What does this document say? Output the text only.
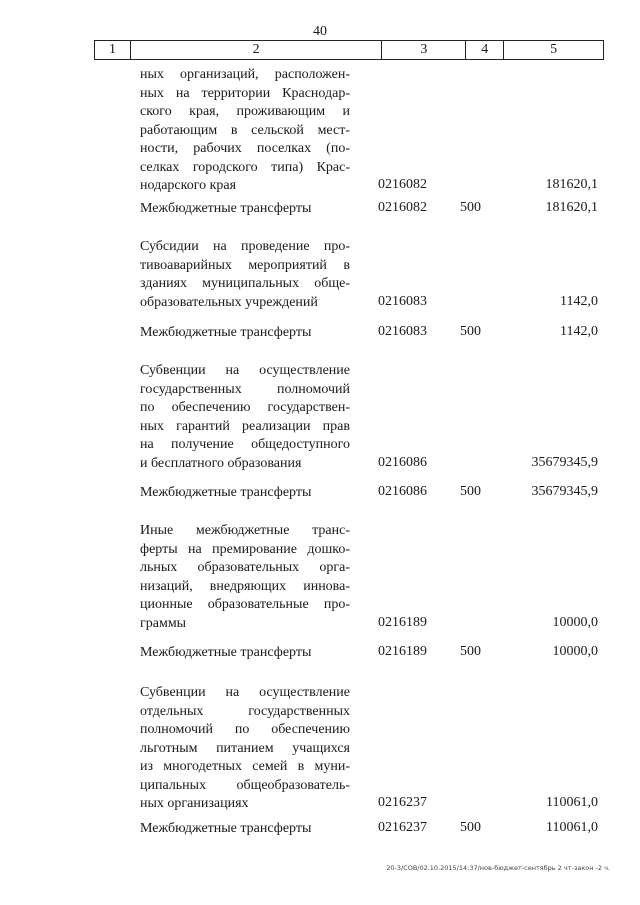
40
1	2	3	4	5
ных организаций, расположен-
ных на территории Краснодар-
ского края, проживающим и
работающим в сельской мест-
ности, рабочих поселках (по-
селках городского типа) Крас-
нодарского края	0216082	181620,1
Межбюджетные трансферты	0216082 500	181620,1
Субсидии на проведение про-
тивоаварийных мероприятий в
зданиях муниципальных обще-
образовательных учреждений	0216083	1142,0
Межбюджетные трансферты	0216083 500	1142,0
Субвенции на осуществление
государственных полномочий
по обеспечению государствен-
ных гарантий реализации прав
на получение общедоступного
и бесплатного образования	0216086	35679345,9
Межбюджетные трансферты	0216086 500	35679345,9
Иные межбюджетные транс-
ферты на премирование дошко-
льных образовательных орга-
низаций, внедряющих иннова-
ционные образовательные про-
граммы	0216189	10000,0
Межбюджетные трансферты	0216189 500	10000,0
Субвенции на осуществление
отдельных государственных
полномочий по обеспечению
льготным питанием учащихся
из многодетных семей в муни-
ципальных общеобразователь-
ных организациях	0216237	110061,0
Межбюджетные трансферты	0216237 500	110061,0
20-3/СОВ/02.10.2015/14:37/нов-бюджет-сентябрь 2 чт-закон -2 ч.
